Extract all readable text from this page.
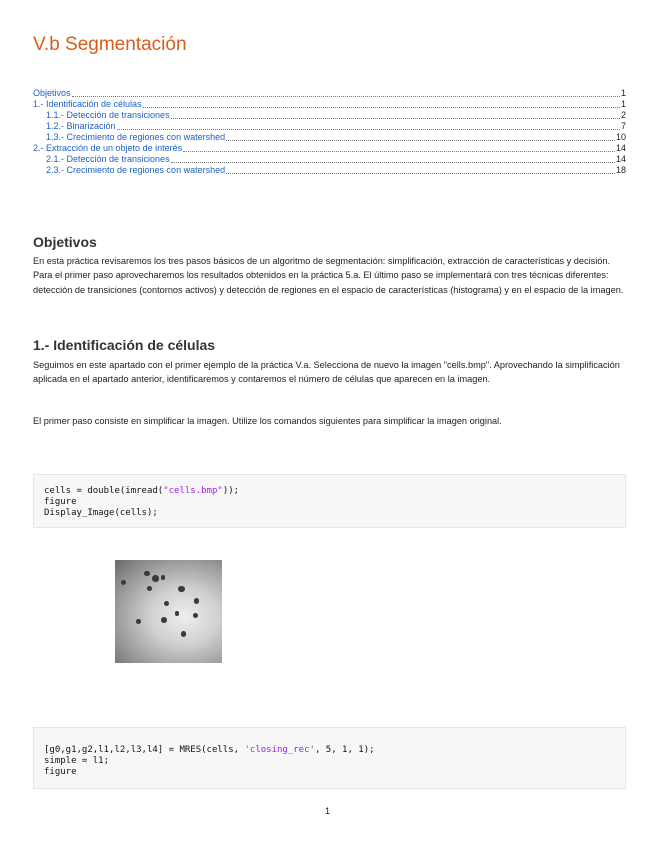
V.b Segmentación
Objetivos	1
1.- Identificación de células	1
1.1.- Detección de transiciones	2
1.2.- Binarización	7
1.3.- Crecimiento de regiones con watershed	10
2.- Extracción de un objeto de interés	14
2.1.- Detección de transiciones	14
2.3.- Crecimiento de regiones con watershed	18
Objetivos

En esta práctica revisaremos los tres pasos básicos de un algoritmo de segmentación: simplificación, extracción de características y decisión. Para el primer paso aprovecharemos los resultados obtenidos en la práctica 5.a. El último paso se implementará con tres técnicas diferentes: detección de transiciones (contornos activos) y detección de regiones en el espacio de características (histograma) y en el espacio de la imagen.

1.- Identificación de células

Seguimos en este apartado con el primer ejemplo de la práctica V.a. Selecciona de nuevo la imagen "cells.bmp". Aprovechando la simplificación aplicada en el apartado anterior, identificaremos y contaremos el número de células que aparecen en la imagen.

El primer paso consiste en simplificar la imagen. Utilize los comandos siguientes para simplificar la imagen original.

cells = double(imread("cells.bmp"));
figure
Display_Image(cells);
[g0,g1,g2,l1,l2,l3,l4] = MRES(cells, 'closing_rec', 5, 1, 1);
simple = l1;
figure
1
